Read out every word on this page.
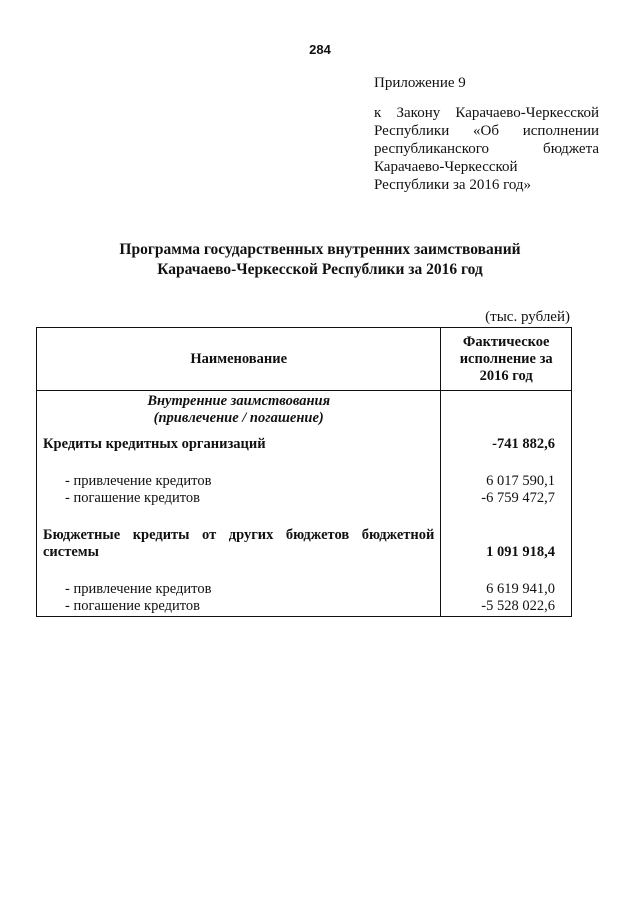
284
Приложение 9
к Закону Карачаево-Черкесской
Республики «Об исполнении
республиканского бюджета
Карачаево-Черкесской
Республики за 2016 год»
Программа государственных внутренних заимствований
Карачаево-Черкесской Республики за 2016 год
(тыс. рублей)
Наименование	Фактическое
исполнение за
2016 год

Внутренние заимствования
(привлечение / погашение)	

Кредиты кредитных организаций	-741 882,6
- привлечение кредитов	6 017 590,1
- погашение кредитов	-6 759 472,7

Бюджетные кредиты от других бюджетов бюджетной
системы	1 091 918,4
- привлечение кредитов	6 619 941,0
- погашение кредитов	-5 528 022,6
